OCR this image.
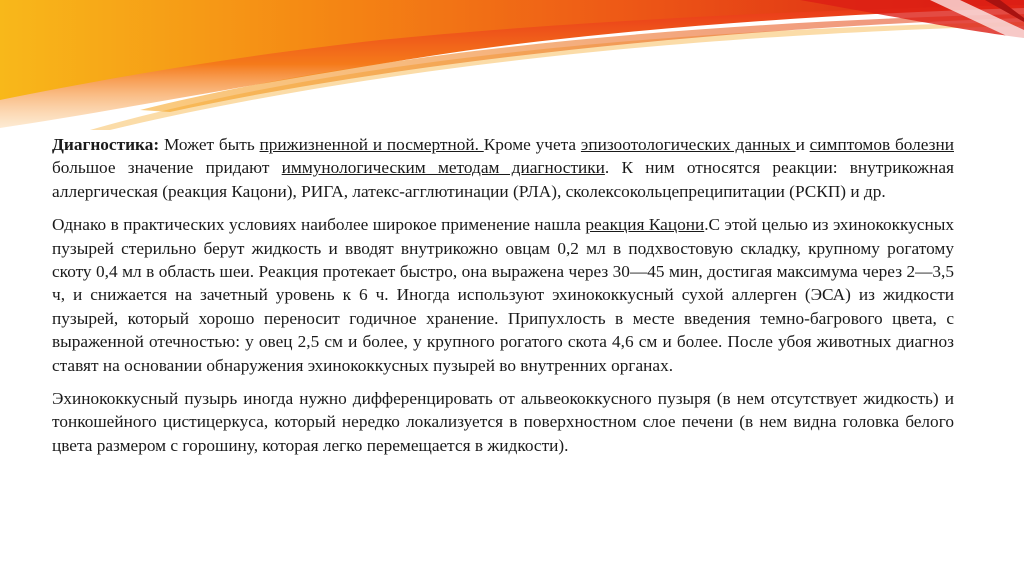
Диагностика: Может быть прижизненной и посмертной. Кроме учета эпизоотологических данных и симптомов болезни большое значение придают иммунологическим методам диагностики. К ним относятся реакции: внутрикожная аллергическая (реакция Кацони), РИГА, латекс-агглютинации (РЛА), сколексокольцепреципитации (РСКП) и др.

Однако в практических условиях наиболее широкое применение нашла реакция Кацони.С этой целью из эхинококкусных пузырей стерильно берут жидкость и вводят внутрикожно овцам 0,2 мл в подхвостовую складку, крупному рогатому скоту 0,4 мл в область шеи. Реакция протекает быстро, она выражена через 30—45 мин, достигая максимума через 2—3,5 ч, и снижается на зачетный уровень к 6 ч. Иногда используют эхинококкусный сухой аллерген (ЭСА) из жидкости пузырей, который хорошо переносит годичное хранение. Припухлость в месте введения темно-багрового цвета, с выраженной отечностью: у овец 2,5 см и более, у крупного рогатого скота 4,6 см и более. После убоя животных диагноз ставят на основании обнаружения эхинококкусных пузырей во внутренних органах.

Эхинококкусный пузырь иногда нужно дифференцировать от альвеококкусного пузыря (в нем отсутствует жидкость) и тонкошейного цистицеркуса, который нередко локализуется в поверхностном слое печени (в нем видна головка белого цвета размером с горошину, которая легко перемещается в жидкости).
